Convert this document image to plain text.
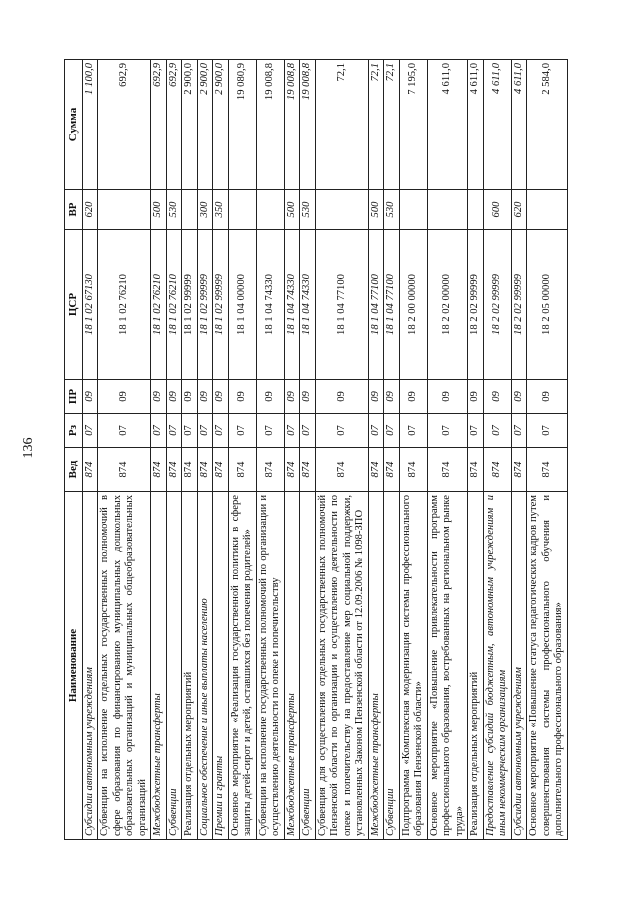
136
Наименование	Вед	Рз	ПР	ЦСР	ВР	Сумма
Субсидии автономным учреждениям	874	07	09	18 1 02 67130	620	1 100,0
Субвенции на исполнение отдельных государственных полномочий в сфере образования по финансированию муниципальных дошкольных образовательных организаций и муниципальных общеобразовательных организаций	874	07	09	18 1 02 76210		692,9
Межбюджетные трансферты	874	07	09	18 1 02 76210	500	692,9
Субвенции	874	07	09	18 1 02 76210	530	692,9
Реализация отдельных мероприятий	874	07	09	18 1 02 99999		2 900,0
Социальное обеспечение и иные выплаты населению	874	07	09	18 1 02 99999	300	2 900,0
Премии и гранты	874	07	09	18 1 02 99999	350	2 900,0
Основное мероприятие «Реализация государственной политики в сфере защиты детей-сирот и детей, оставшихся без попечения родителей»	874	07	09	18 1 04 00000		19 080,9
Субвенции на исполнение государственных полномочий по организации и осуществлению деятельности по опеке и попечительству	874	07	09	18 1 04 74330		19 008,8
Межбюджетные трансферты	874	07	09	18 1 04 74330	500	19 008,8
Субвенции	874	07	09	18 1 04 74330	530	19 008,8
Субвенция для осуществления отдельных государственных полномочий Пензенской области по организации и осуществлению деятельности по опеке и попечительству на предоставление мер социальной поддержки, установленных Законом Пензенской области от 12.09.2006 № 1098-ЗПО	874	07	09	18 1 04 77100		72,1
Межбюджетные трансферты	874	07	09	18 1 04 77100	500	72,1
Субвенции	874	07	09	18 1 04 77100	530	72,1
Подпрограмма «Комплексная модернизация системы профессионального образования Пензенской области»	874	07	09	18 2 00 00000		7 195,0
Основное мероприятие «Повышение привлекательности программ профессионального образования, востребованных на региональном рынке труда»	874	07	09	18 2 02 00000		4 611,0
Реализация отдельных мероприятий	874	07	09	18 2 02 99999		4 611,0
Предоставление субсидий бюджетным, автономным учреждениям и иным некоммерческим организациям	874	07	09	18 2 02 99999	600	4 611,0
Субсидии автономным учреждениям	874	07	09	18 2 02 99999	620	4 611,0
Основное мероприятие «Повышение статуса педагогических кадров путем совершенствования системы профессионального обучения и дополнительного профессионального образования»	874	07	09	18 2 05 00000		2 584,0
